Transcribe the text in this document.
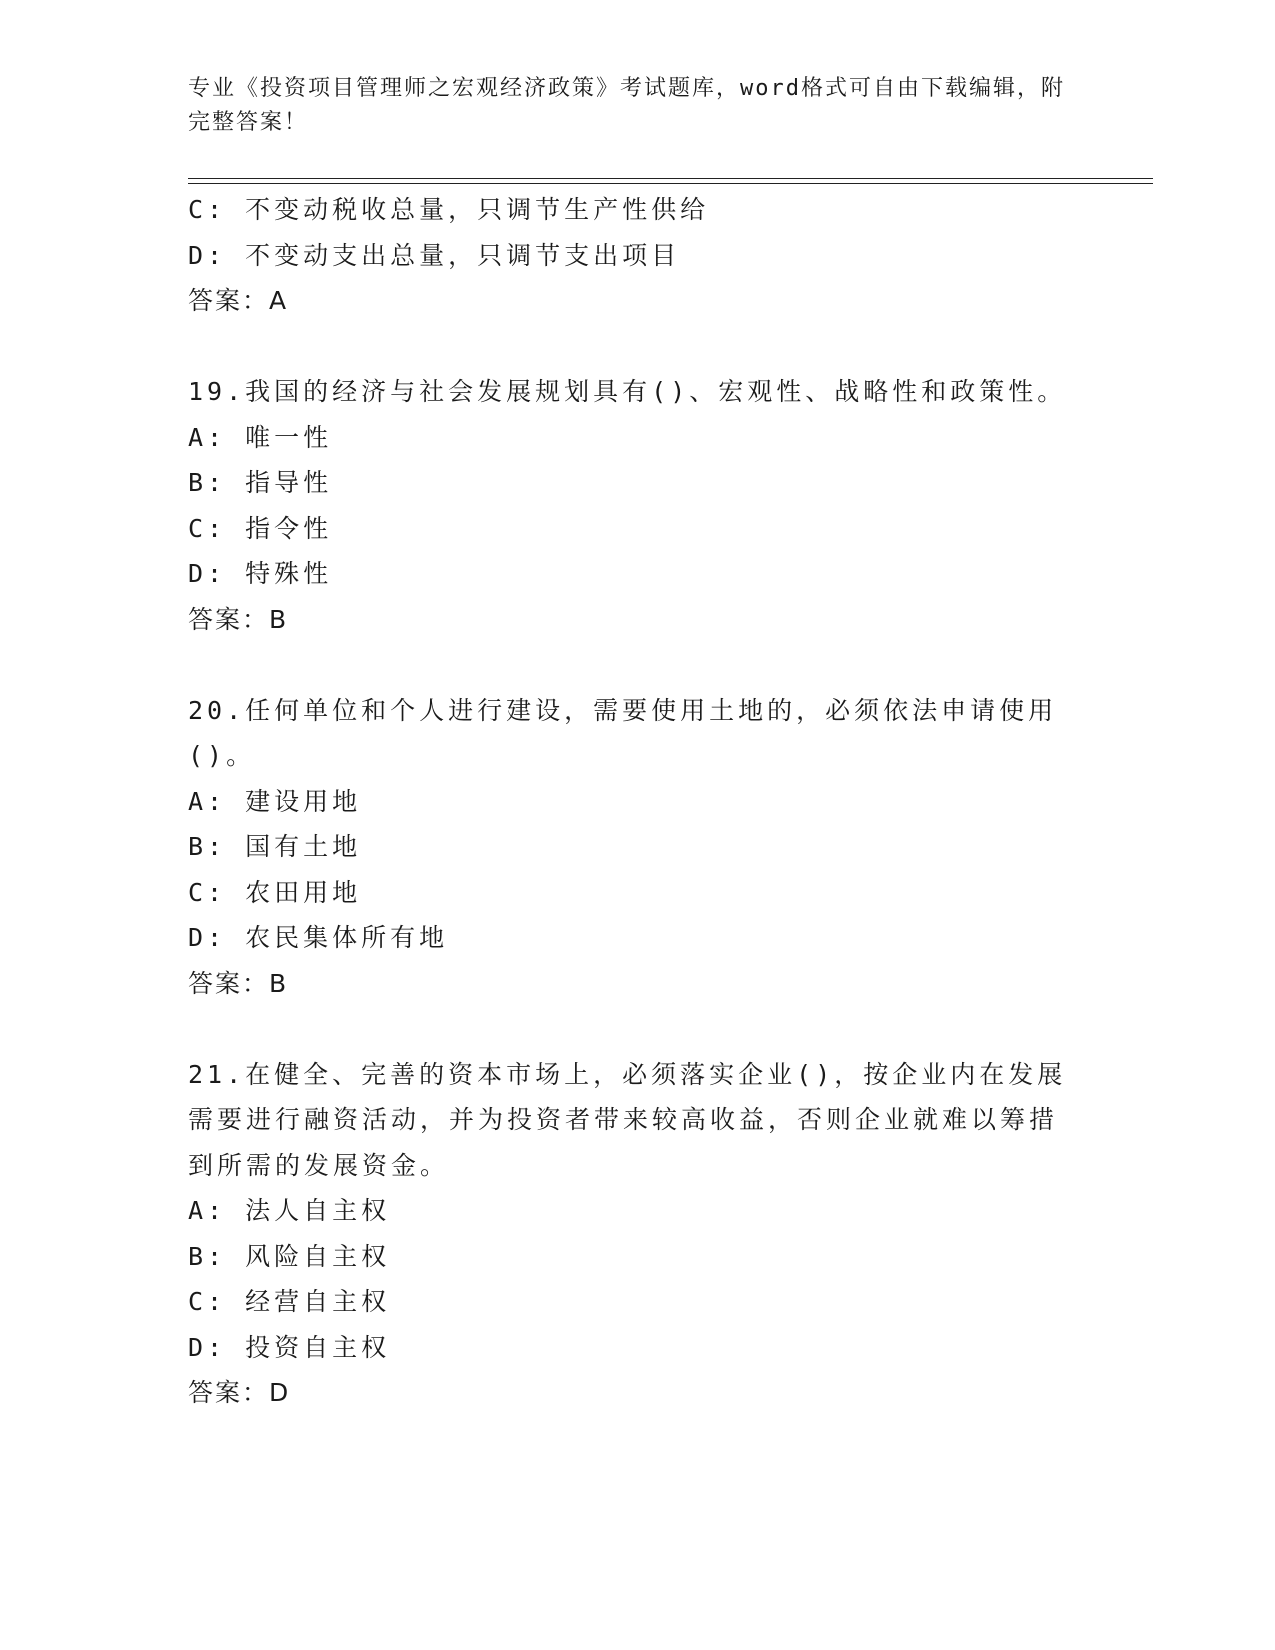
专业《投资项目管理师之宏观经济政策》考试题库，word格式可自由下载编辑，附完整答案！
C: 不变动税收总量，只调节生产性供给
D: 不变动支出总量，只调节支出项目
答案：A
19.我国的经济与社会发展规划具有()、宏观性、战略性和政策性。
A: 唯一性
B: 指导性
C: 指令性
D: 特殊性
答案：B
20.任何单位和个人进行建设，需要使用土地的，必须依法申请使用()。
A: 建设用地
B: 国有土地
C: 农田用地
D: 农民集体所有地
答案：B
21.在健全、完善的资本市场上，必须落实企业()，按企业内在发展需要进行融资活动，并为投资者带来较高收益，否则企业就难以筹措到所需的发展资金。
A: 法人自主权
B: 风险自主权
C: 经营自主权
D: 投资自主权
答案：D
